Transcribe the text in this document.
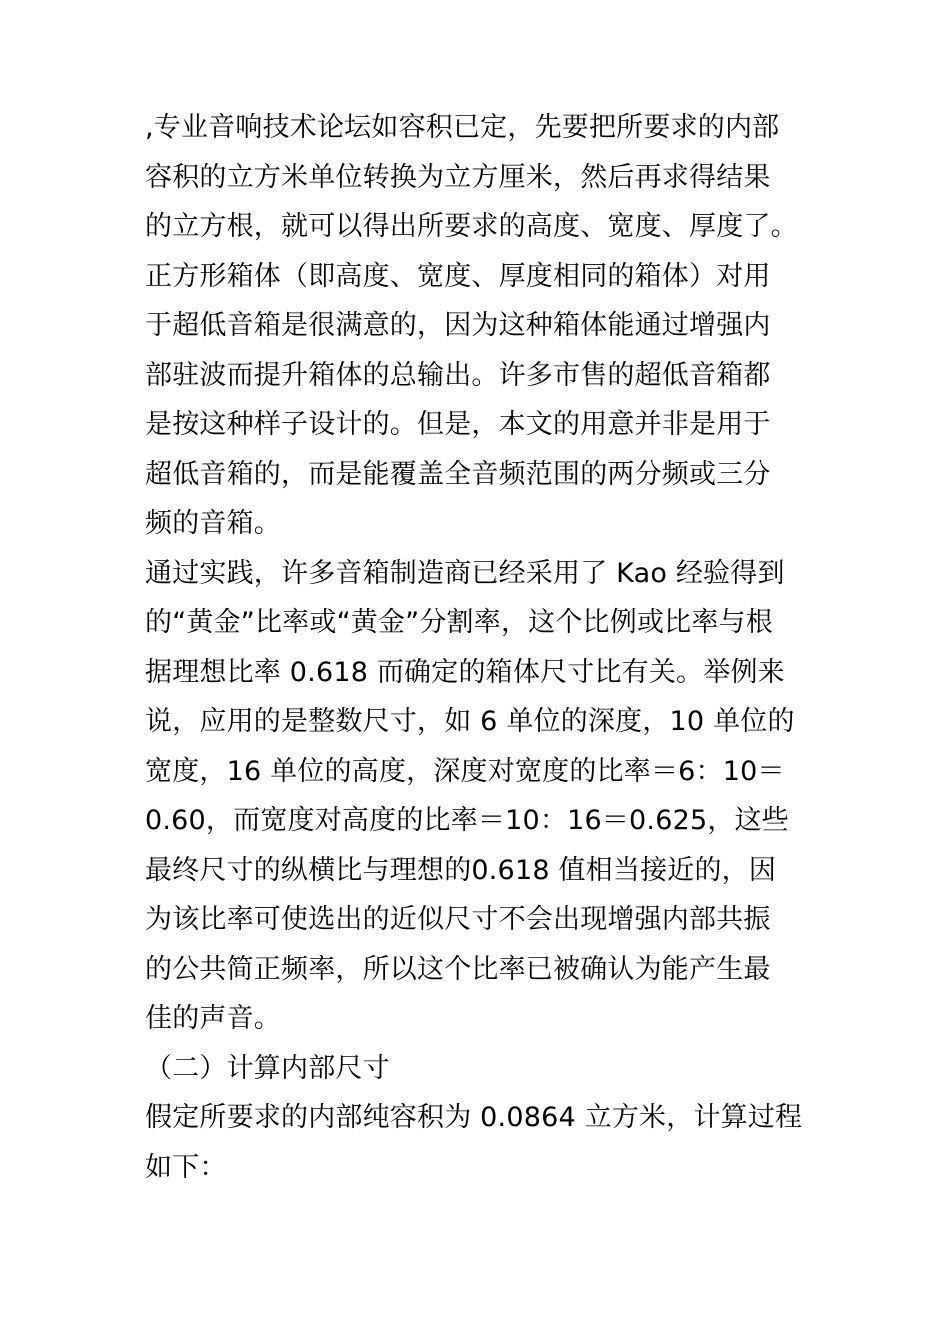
,专业音响技术论坛如容积已定，先要把所要求的内部
容积的立方米单位转换为立方厘米，然后再求得结果
的立方根，就可以得出所要求的高度、宽度、厚度了。
正方形箱体（即高度、宽度、厚度相同的箱体）对用
于超低音箱是很满意的，因为这种箱体能通过增强内
部驻波而提升箱体的总输出。许多市售的超低音箱都
是按这种样子设计的。但是，本文的用意并非是用于
超低音箱的，而是能覆盖全音频范围的两分频或三分
频的音箱。
通过实践，许多音箱制造商已经采用了 Kao 经验得到
的“黄金”比率或“黄金”分割率，这个比例或比率与根
据理想比率 0.618 而确定的箱体尺寸比有关。举例来
说，应用的是整数尺寸，如 6 单位的深度，10 单位的
宽度，16 单位的高度，深度对宽度的比率＝6：10＝
0.60，而宽度对高度的比率＝10：16＝0.625，这些
最终尺寸的纵横比与理想的0.618 值相当接近的，因
为该比率可使选出的近似尺寸不会出现增强内部共振
的公共简正频率，所以这个比率已被确认为能产生最
佳的声音。
（二）计算内部尺寸
假定所要求的内部纯容积为 0.0864 立方米，计算过程
如下：
